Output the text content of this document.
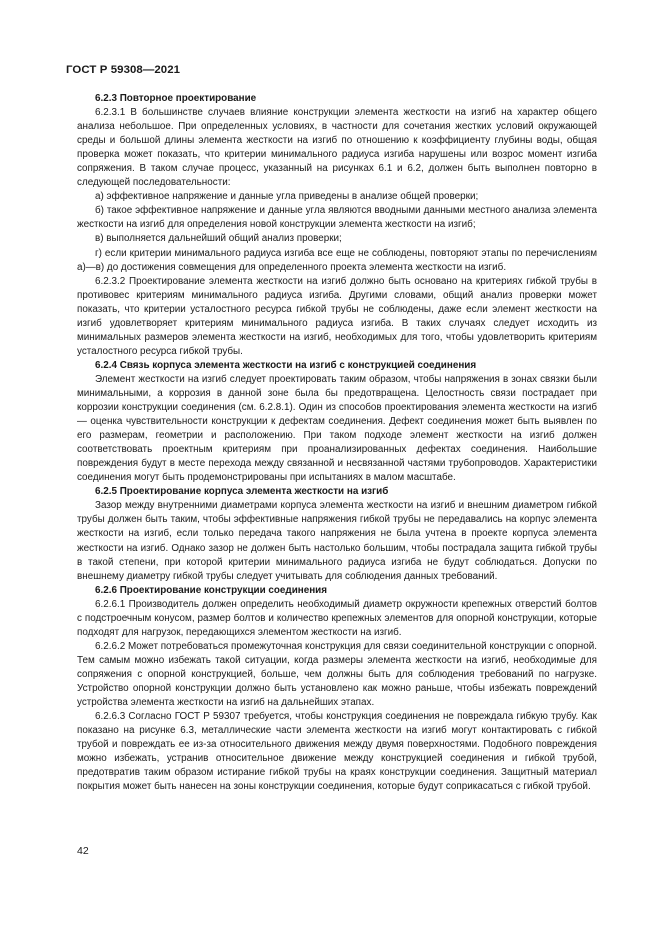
ГОСТ Р 59308—2021

6.2.3 Повторное проектирование

6.2.3.1 В большинстве случаев влияние конструкции элемента жесткости на изгиб на характер общего анализа небольшое. При определенных условиях, в частности для сочетания жестких условий окружающей среды и большой длины элемента жесткости на изгиб по отношению к коэффициенту глубины воды, общая проверка может показать, что критерии минимального радиуса изгиба нарушены или возрос момент изгиба сопряжения. В таком случае процесс, указанный на рисунках 6.1 и 6.2, должен быть выполнен повторно в следующей последовательности:

а) эффективное напряжение и данные угла приведены в анализе общей проверки;

б) такое эффективное напряжение и данные угла являются вводными данными местного анализа элемента жесткости на изгиб для определения новой конструкции элемента жесткости на изгиб;

в) выполняется дальнейший общий анализ проверки;

г) если критерии минимального радиуса изгиба все еще не соблюдены, повторяют этапы по перечислениям а)—в) до достижения совмещения для определенного проекта элемента жесткости на изгиб.

6.2.3.2 Проектирование элемента жесткости на изгиб должно быть основано на критериях гибкой трубы в противовес критериям минимального радиуса изгиба. Другими словами, общий анализ проверки может показать, что критерии усталостного ресурса гибкой трубы не соблюдены, даже если элемент жесткости на изгиб удовлетворяет критериям минимального радиуса изгиба. В таких случаях следует исходить из минимальных размеров элемента жесткости на изгиб, необходимых для того, чтобы удовлетворить критериям усталостного ресурса гибкой трубы.

6.2.4 Связь корпуса элемента жесткости на изгиб с конструкцией соединения

Элемент жесткости на изгиб следует проектировать таким образом, чтобы напряжения в зонах связки были минимальными, а коррозия в данной зоне была бы предотвращена. Целостность связи пострадает при коррозии конструкции соединения (см. 6.2.8.1). Один из способов проектирования элемента жесткости на изгиб — оценка чувствительности конструкции к дефектам соединения. Дефект соединения может быть выявлен по его размерам, геометрии и расположению. При таком подходе элемент жесткости на изгиб должен соответствовать проектным критериям при проанализированных дефектах соединения. Наибольшие повреждения будут в месте перехода между связанной и несвязанной частями трубопроводов. Характеристики соединения могут быть продемонстрированы при испытаниях в малом масштабе.

6.2.5 Проектирование корпуса элемента жесткости на изгиб

Зазор между внутренними диаметрами корпуса элемента жесткости на изгиб и внешним диаметром гибкой трубы должен быть таким, чтобы эффективные напряжения гибкой трубы не передавались на корпус элемента жесткости на изгиб, если только передача такого напряжения не была учтена в проекте корпуса элемента жесткости на изгиб. Однако зазор не должен быть настолько большим, чтобы пострадала защита гибкой трубы в такой степени, при которой критерии минимального радиуса изгиба не будут соблюдаться. Допуски по внешнему диаметру гибкой трубы следует учитывать для соблюдения данных требований.

6.2.6 Проектирование конструкции соединения

6.2.6.1 Производитель должен определить необходимый диаметр окружности крепежных отверстий болтов с подстроечным конусом, размер болтов и количество крепежных элементов для опорной конструкции, которые подходят для нагрузок, передающихся элементом жесткости на изгиб.

6.2.6.2 Может потребоваться промежуточная конструкция для связи соединительной конструкции с опорной. Тем самым можно избежать такой ситуации, когда размеры элемента жесткости на изгиб, необходимые для сопряжения с опорной конструкцией, больше, чем должны быть для соблюдения требований по нагрузке. Устройство опорной конструкции должно быть установлено как можно раньше, чтобы избежать повреждений устройства элемента жесткости на изгиб на дальнейших этапах.

6.2.6.3 Согласно ГОСТ Р 59307 требуется, чтобы конструкция соединения не повреждала гибкую трубу. Как показано на рисунке 6.3, металлические части элемента жесткости на изгиб могут контактировать с гибкой трубой и повреждать ее из-за относительного движения между двумя поверхностями. Подобного повреждения можно избежать, устранив относительное движение между конструкцией соединения и гибкой трубой, предотвратив таким образом истирание гибкой трубы на краях конструкции соединения. Защитный материал покрытия может быть нанесен на зоны конструкции соединения, которые будут соприкасаться с гибкой трубой.

42
